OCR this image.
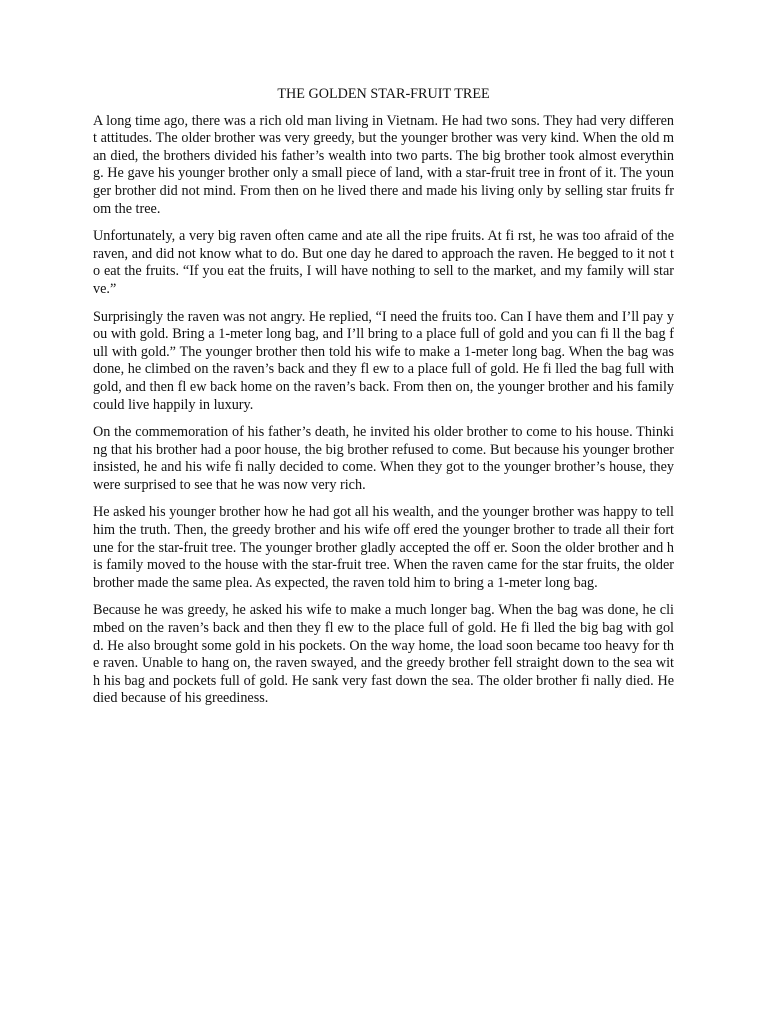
THE GOLDEN STAR-FRUIT TREE

A long time ago, there was a rich old man living in Vietnam. He had two sons. They had very different attitudes. The older brother was very greedy, but the younger brother was very kind. When the old man died, the brothers divided his father’s wealth into two parts. The big brother took almost everything. He gave his younger brother only a small piece of land, with a star-fruit tree in front of it. The younger brother did not mind. From then on he lived there and made his living only by selling star fruits from the tree.

Unfortunately, a very big raven often came and ate all the ripe fruits. At fi rst, he was too afraid of the raven, and did not know what to do. But one day he dared to approach the raven. He begged to it not to eat the fruits. “If you eat the fruits, I will have nothing to sell to the market, and my family will starve.”

Surprisingly the raven was not angry. He replied, “I need the fruits too. Can I have them and I’ll pay you with gold. Bring a 1-meter long bag, and I’ll bring to a place full of gold and you can fi ll the bag full with gold.” The younger brother then told his wife to make a 1-meter long bag. When the bag was done, he climbed on the raven’s back and they fl ew to a place full of gold. He fi lled the bag full with gold, and then fl ew back home on the raven’s back. From then on, the younger brother and his family could live happily in luxury.

On the commemoration of his father’s death, he invited his older brother to come to his house. Thinking that his brother had a poor house, the big brother refused to come. But because his younger brother insisted, he and his wife fi nally decided to come. When they got to the younger brother’s house, they were surprised to see that he was now very rich.

He asked his younger brother how he had got all his wealth, and the younger brother was happy to tell him the truth. Then, the greedy brother and his wife off ered the younger brother to trade all their fortune for the star-fruit tree. The younger brother gladly accepted the off er. Soon the older brother and his family moved to the house with the star-fruit tree. When the raven came for the star fruits, the older brother made the same plea. As expected, the raven told him to bring a 1-meter long bag.

Because he was greedy, he asked his wife to make a much longer bag. When the bag was done, he climbed on the raven’s back and then they fl ew to the place full of gold. He fi lled the big bag with gold. He also brought some gold in his pockets. On the way home, the load soon became too heavy for the raven. Unable to hang on, the raven swayed, and the greedy brother fell straight down to the sea with his bag and pockets full of gold. He sank very fast down the sea. The older brother fi nally died. He died because of his greediness.
